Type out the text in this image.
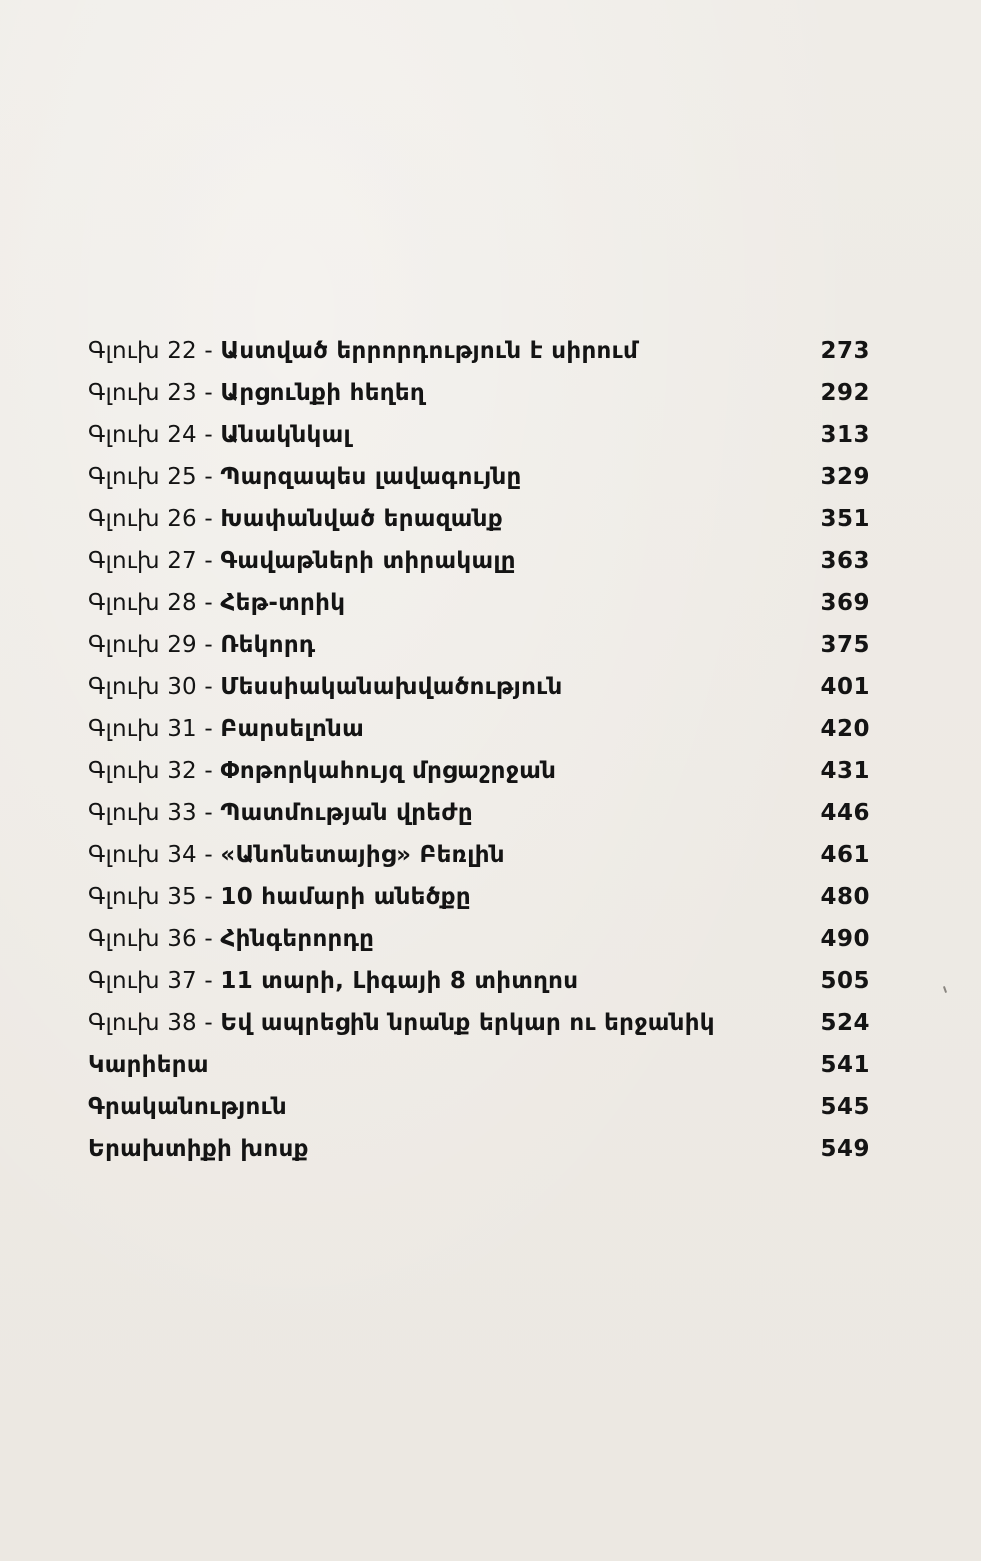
Գլուխ 22 - Աստված երրորդություն է սիրում	273
Գլուխ 23 - Արցունքի հեղեղ	292
Գլուխ 24 - Անակնկալ	313
Գլուխ 25 - Պարզապես լավագույնը	329
Գլուխ 26 - Խափանված երազանք	351
Գլուխ 27 - Գավաթների տիրակալը	363
Գլուխ 28 - Հեթ-տրիկ	369
Գլուխ 29 - Ռեկորդ	375
Գլուխ 30 - Մեսսիականախվածություն	401
Գլուխ 31 - Բարսելոնա	420
Գլուխ 32 - Փոթորկահույզ մրցաշրջան	431
Գլուխ 33 - Պատմության վրեժը	446
Գլուխ 34 - «Անոնետայից» Բեռլին	461
Գլուխ 35 - 10 համարի անեծքը	480
Գլուխ 36 - Հինգերորդը	490
Գլուխ 37 - 11 տարի, Լիգայի 8 տիտղոս	505
Գլուխ 38 - Եվ ապրեցին նրանք երկար ու երջանիկ	524
Կարիերա	541
Գրականություն	545
Երախտիքի խոսք	549
